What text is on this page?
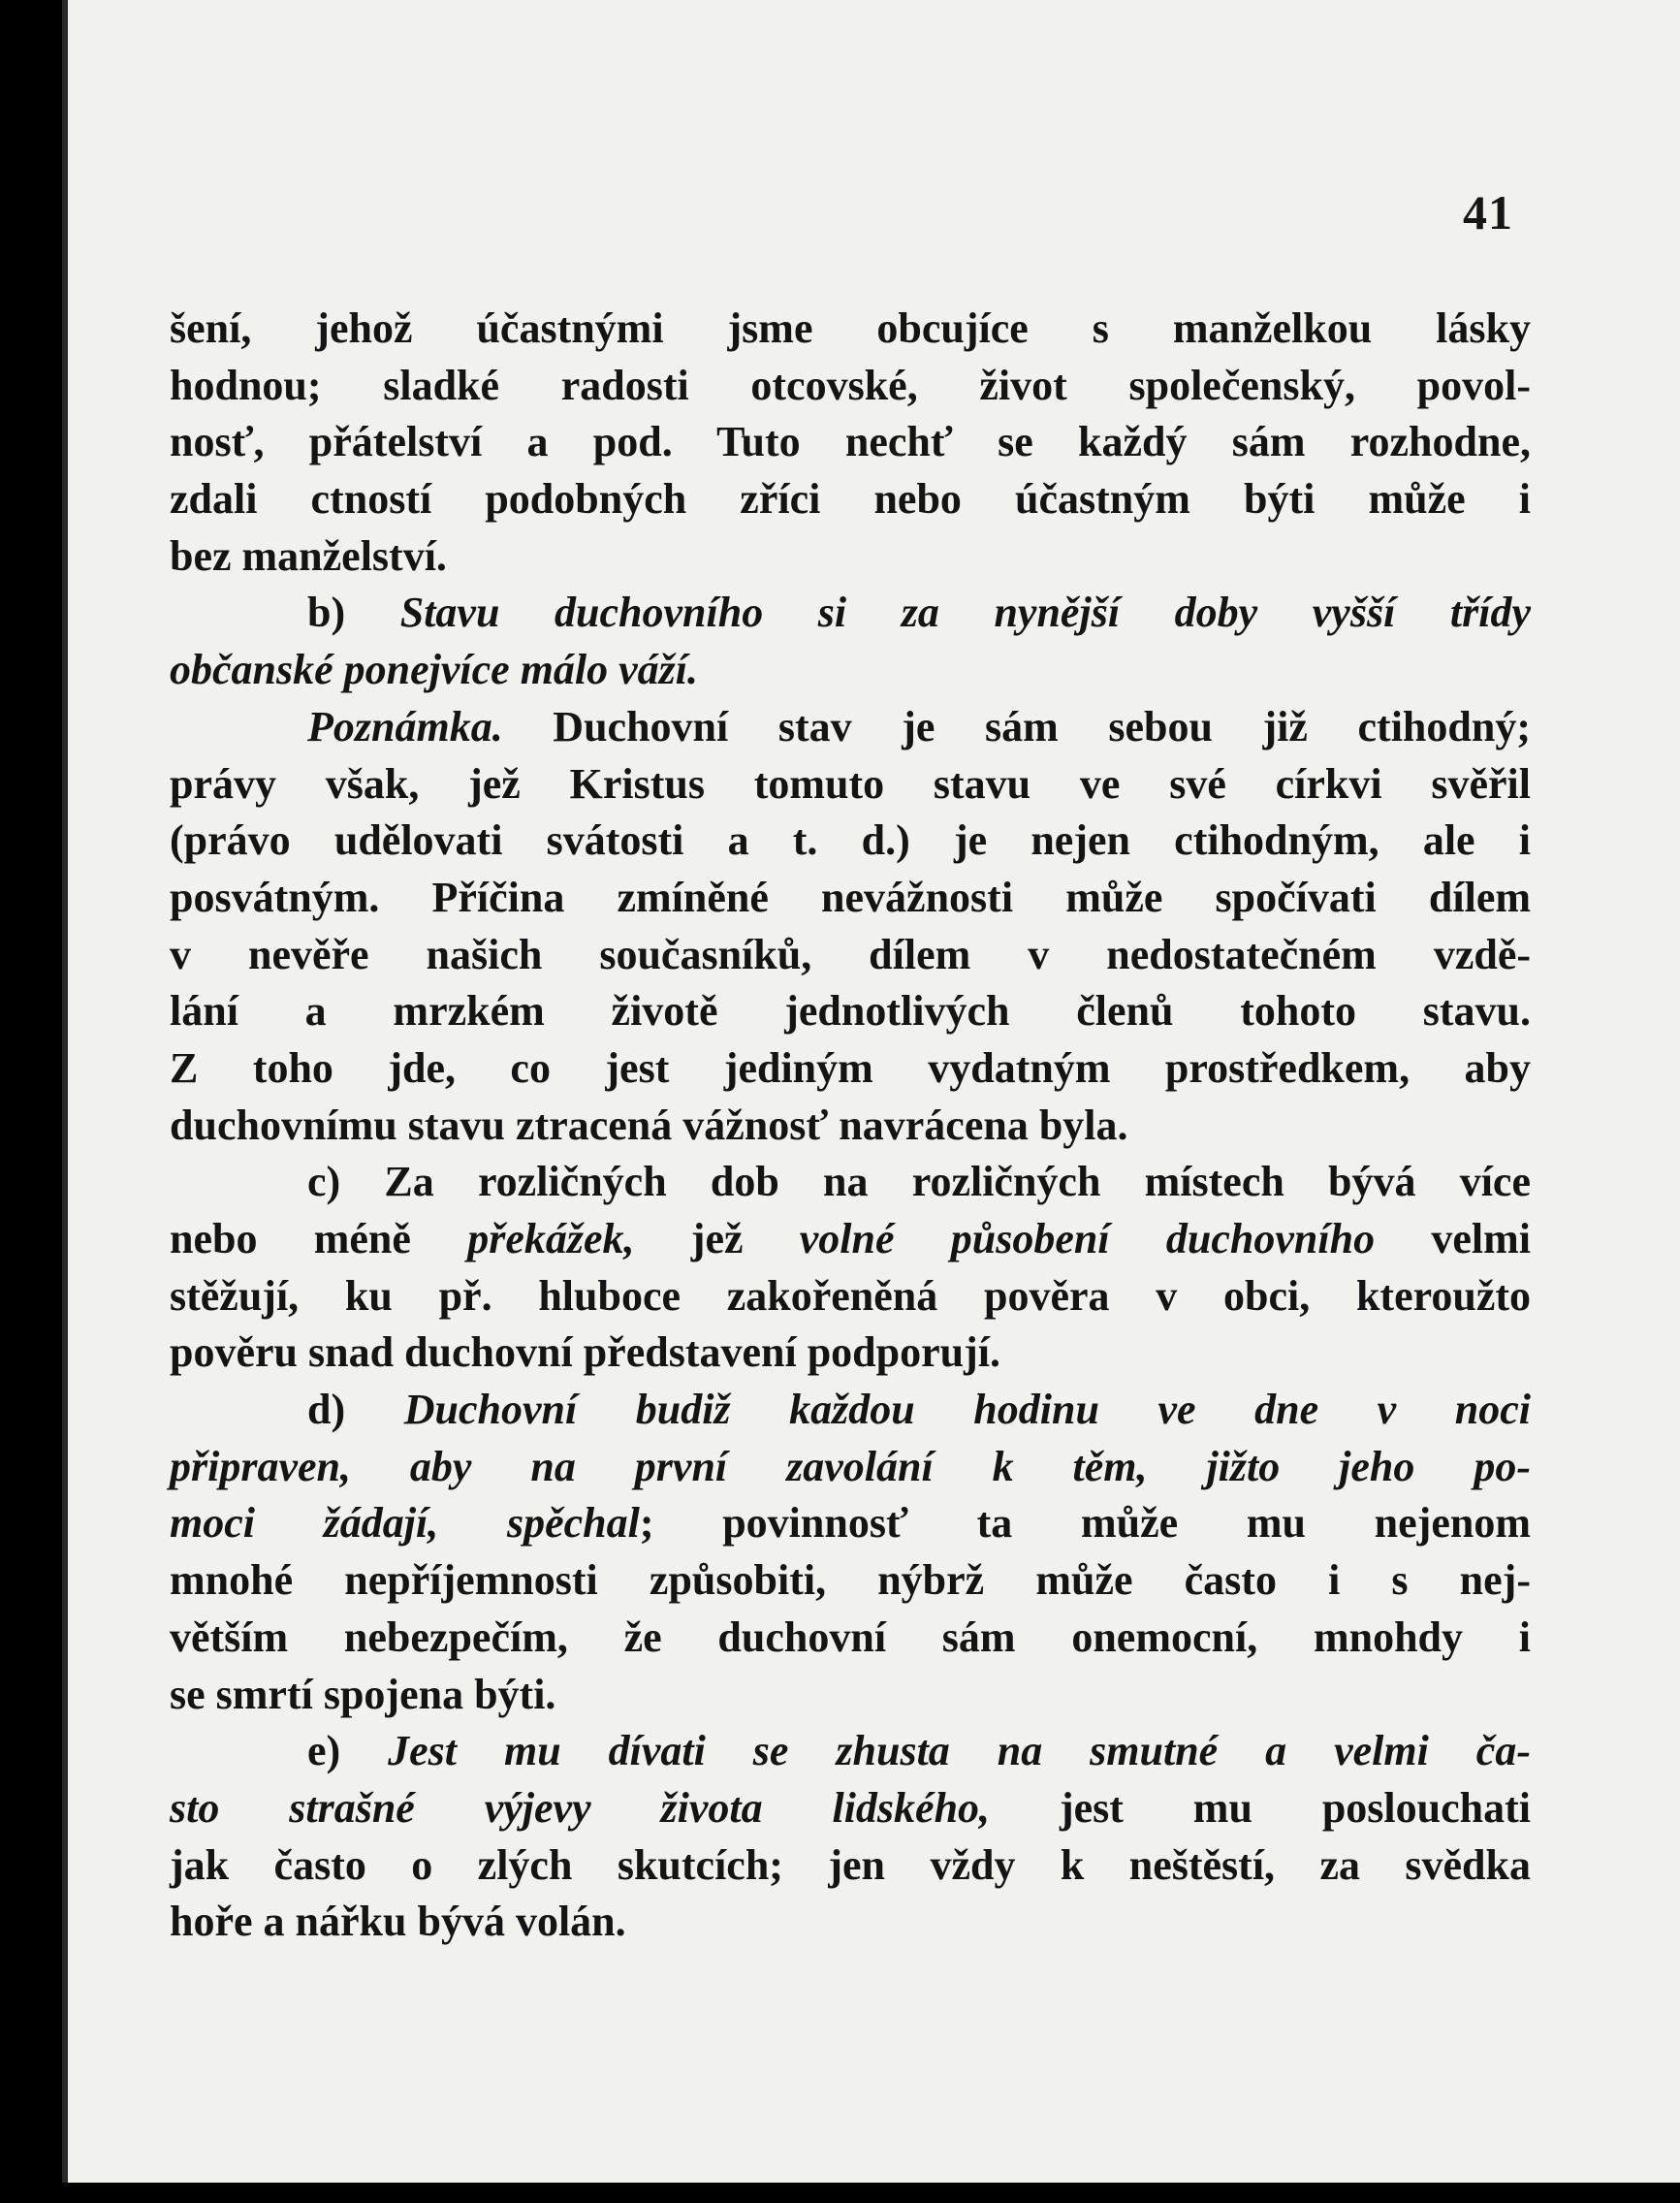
41
šení, jehož účastnými jsme obcujíce s manželkou lásky
hodnou; sladké radosti otcovské, život společenský, povol-
nosť, přátelství a pod. Tuto nechť se každý sám rozhodne,
zdali ctností podobných zříci nebo účastným býti může i
bez manželství.
b) Stavu duchovního si za nynější doby vyšší třídy
občanské ponejvíce málo váží.
Poznámka. Duchovní stav je sám sebou již ctihodný;
právy však, jež Kristus tomuto stavu ve své církvi svěřil
(právo udělovati svátosti a t. d.) je nejen ctihodným, ale i
posvátným. Příčina zmíněné nevážnosti může spočívati dílem
v nevěře našich současníků, dílem v nedostatečném vzdě-
lání a mrzkém životě jednotlivých členů tohoto stavu.
Z toho jde, co jest jediným vydatným prostředkem, aby
duchovnímu stavu ztracená vážnosť navrácena byla.
c) Za rozličných dob na rozličných místech bývá více
nebo méně překážek, jež volné působení duchovního velmi
stěžují, ku př. hluboce zakořeněná pověra v obci, kteroužto
pověru snad duchovní představení podporují.
d) Duchovní budiž každou hodinu ve dne v noci
připraven, aby na první zavolání k těm, jižto jeho po-
moci žádají, spěchal; povinnosť ta může mu nejenom
mnohé nepříjemnosti způsobiti, nýbrž může často i s nej-
větším nebezpečím, že duchovní sám onemocní, mnohdy i
se smrtí spojena býti.
e) Jest mu dívati se zhusta na smutné a velmi ča-
sto strašné výjevy života lidského, jest mu poslouchati
jak často o zlých skutcích; jen vždy k neštěstí, za svědka
hoře a nářku bývá volán.
